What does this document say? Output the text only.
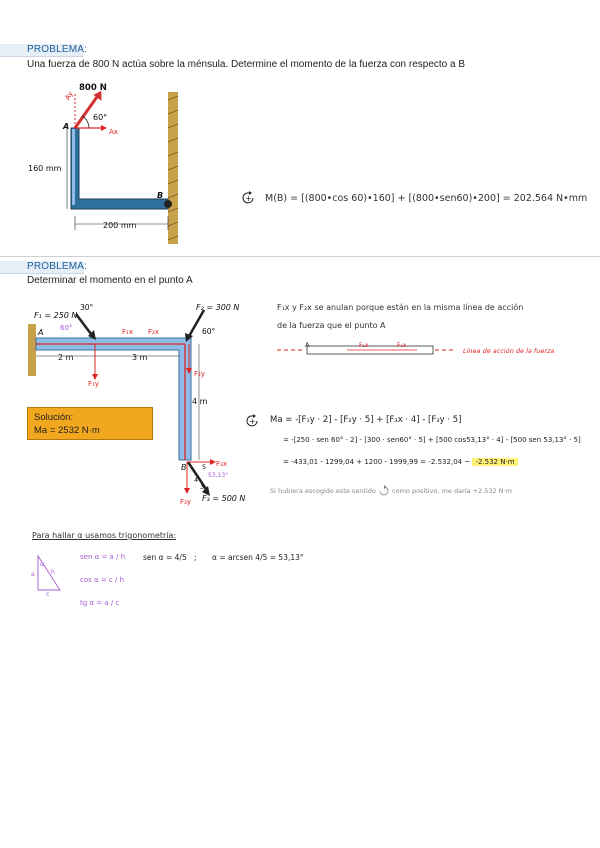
PROBLEMA:
Una fuerza de 800 N actúa sobre la ménsula. Determine el momento de la fuerza con respecto a B
800 N
Ay
Ax
60°
A
B
160 mm
200 mm
+ M(B) = [(800•cos 60)•160] + [(800•sen60)•200] = 202.564 N•mm
PROBLEMA:
Determinar el momento en el punto A
F₁ = 250 N
30°
60°	F₁x
F₁y
F₂ = 300 N
60°
F₂x
F₂y
F₃ = 500 N
F₃x
F₃y
53,13°
5
4
3
2 m	3 m
4 m
A
B
Solución:
Ma = 2532 N·m
F₁x y F₂x se anulan porque están en la misma línea de acción
de la fuerza que el punto A
A	F₁x	F₂x
Línea de acción de la fuerza
+ Ma = -[F₁y · 2] - [F₂y · 5] + [F₃x · 4] - [F₃y · 5]
= -[250 · sen 60° · 2] - [300 · sen60° · 5] + [500 cos53,13° · 4] - [500 sen 53,13° · 5]
= -433,01 - 1299,04 + 1200 - 1999,99 = -2.532,04 ~ -2.532 N·m
Si hubiera escogido este sentido como positivo, me daría +2.532 N·m
Para hallar α usamos trigonometría:
α
h
a
c
sen α = a / h
cos α = c / h
tg α = a / c
sen α = 4/5 ; α = arcsen 4/5 = 53,13°
